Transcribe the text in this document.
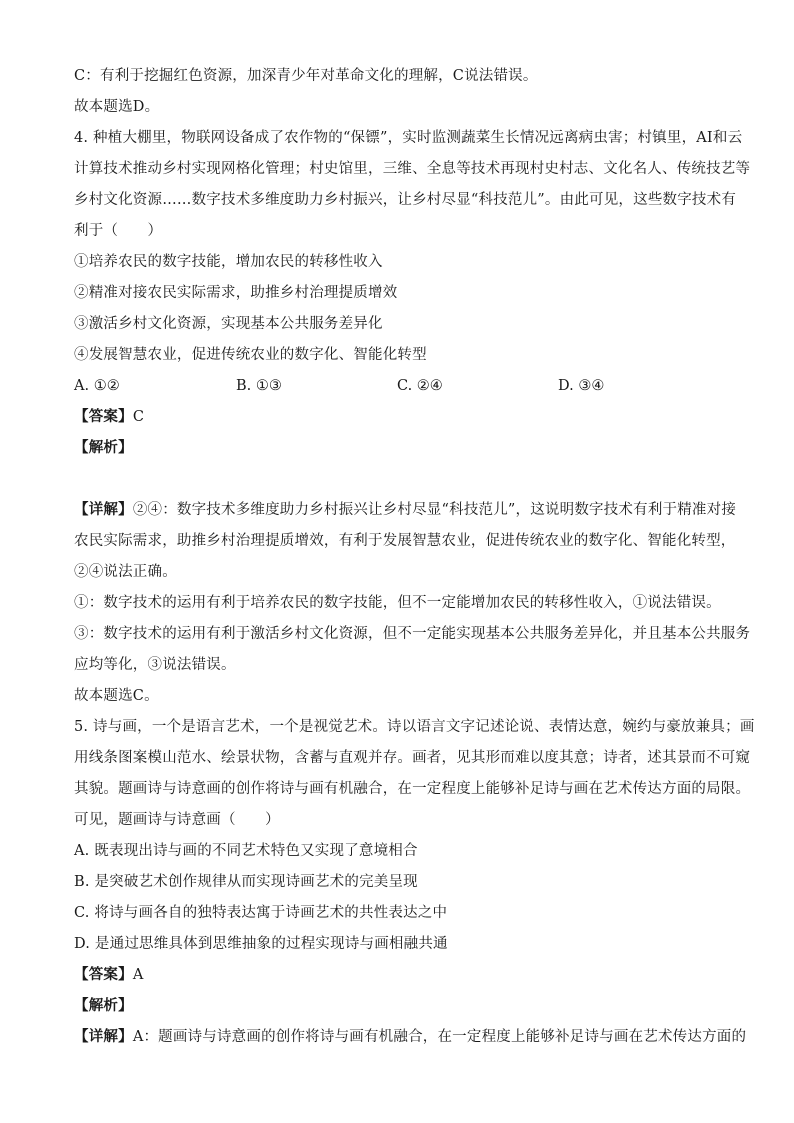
C：有利于挖掘红色资源，加深青少年对革命文化的理解，C说法错误。
故本题选D。
4. 种植大棚里，物联网设备成了农作物的“保镖”，实时监测蔬菜生长情况远离病虫害；村镇里，AI和云
计算技术推动乡村实现网格化管理；村史馆里，三维、全息等技术再现村史村志、文化名人、传统技艺等
乡村文化资源……数字技术多维度助力乡村振兴，让乡村尽显“科技范儿”。由此可见，这些数字技术有
利于（　　）
①培养农民的数字技能，增加农民的转移性收入
②精准对接农民实际需求，助推乡村治理提质增效
③激活乡村文化资源，实现基本公共服务差异化
④发展智慧农业，促进传统农业的数字化、智能化转型
A. ①②	B. ①③	C. ②④	D. ③④
【答案】C
【解析】
【详解】②④：数字技术多维度助力乡村振兴让乡村尽显“科技范儿”，这说明数字技术有利于精准对接
农民实际需求，助推乡村治理提质增效，有利于发展智慧农业，促进传统农业的数字化、智能化转型，
②④说法正确。
①：数字技术的运用有利于培养农民的数字技能，但不一定能增加农民的转移性收入，①说法错误。
③：数字技术的运用有利于激活乡村文化资源，但不一定能实现基本公共服务差异化，并且基本公共服务
应均等化，③说法错误。
故本题选C。
5. 诗与画，一个是语言艺术，一个是视觉艺术。诗以语言文字记述论说、表情达意，婉约与豪放兼具；画
用线条图案模山范水、绘景状物，含蓄与直观并存。画者，见其形而难以度其意；诗者，述其景而不可窥
其貌。题画诗与诗意画的创作将诗与画有机融合，在一定程度上能够补足诗与画在艺术传达方面的局限。
可见，题画诗与诗意画（　　）
A. 既表现出诗与画的不同艺术特色又实现了意境相合
B. 是突破艺术创作规律从而实现诗画艺术的完美呈现
C. 将诗与画各自的独特表达寓于诗画艺术的共性表达之中
D. 是通过思维具体到思维抽象的过程实现诗与画相融共通
【答案】A
【解析】
【详解】A：题画诗与诗意画的创作将诗与画有机融合，在一定程度上能够补足诗与画在艺术传达方面的
